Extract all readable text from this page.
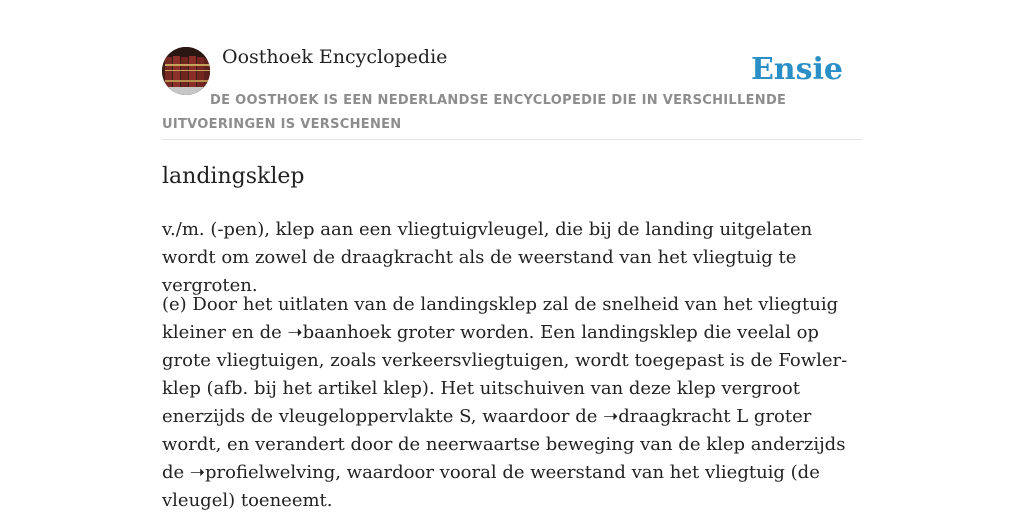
Oosthoek Encyclopedie	Ensie
DE OOSTHOEK IS EEN NEDERLANDSE ENCYCLOPEDIE DIE IN VERSCHILLENDE UITVOERINGEN IS VERSCHENEN
landingsklep

v./m. (-pen), klep aan een vliegtuigvleugel, die bij de landing uitgelaten wordt om zowel de draagkracht als de weerstand van het vliegtuig te vergroten.

(e) Door het uitlaten van de landingsklep zal de snelheid van het vliegtuig kleiner en de ➝baanhoek groter worden. Een landingsklep die veelal op grote vliegtuigen, zoals verkeersvliegtuigen, wordt toegepast is de Fowler-klep (afb. bij het artikel klep). Het uitschuiven van deze klep vergroot enerzijds de vleugeloppervlakte S, waardoor de ➝draagkracht L groter wordt, en verandert door de neerwaartse beweging van de klep anderzijds de ➝profielwelving, waardoor vooral de weerstand van het vliegtuig (de vleugel) toeneemt.
